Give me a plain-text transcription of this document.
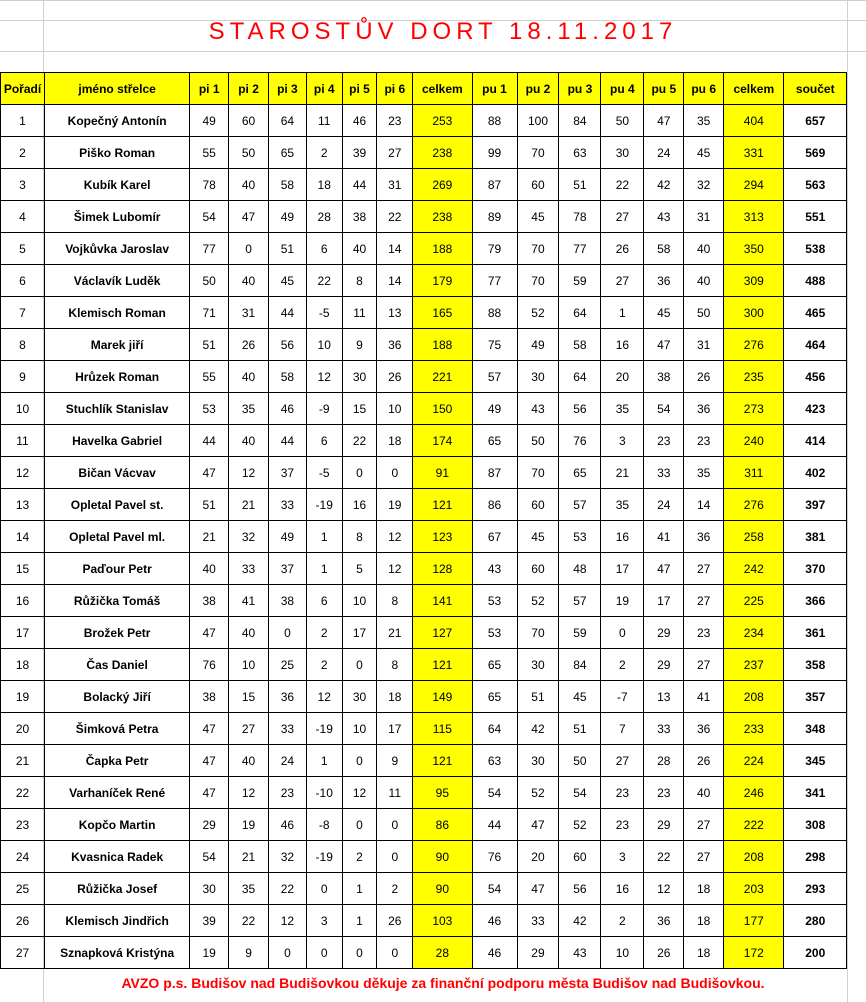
STAROSTŮV DORT 18.11.2017
Pořadí	jméno střelce	pi 1	pi 2	pi 3	pi 4	pi 5	pi 6	celkem	pu 1	pu 2	pu 3	pu 4	pu 5	pu 6	celkem	součet
1	Kopečný Antonín	49	60	64	11	46	23	253	88	100	84	50	47	35	404	657
2	Piško Roman	55	50	65	2	39	27	238	99	70	63	30	24	45	331	569
3	Kubík Karel	78	40	58	18	44	31	269	87	60	51	22	42	32	294	563
4	Šimek Lubomír	54	47	49	28	38	22	238	89	45	78	27	43	31	313	551
5	Vojkůvka Jaroslav	77	0	51	6	40	14	188	79	70	77	26	58	40	350	538
6	Václavík Luděk	50	40	45	22	8	14	179	77	70	59	27	36	40	309	488
7	Klemisch Roman	71	31	44	-5	11	13	165	88	52	64	1	45	50	300	465
8	Marek jiří	51	26	56	10	9	36	188	75	49	58	16	47	31	276	464
9	Hrůzek Roman	55	40	58	12	30	26	221	57	30	64	20	38	26	235	456
10	Stuchlík Stanislav	53	35	46	-9	15	10	150	49	43	56	35	54	36	273	423
11	Havelka Gabriel	44	40	44	6	22	18	174	65	50	76	3	23	23	240	414
12	Bičan Vácvav	47	12	37	-5	0	0	91	87	70	65	21	33	35	311	402
13	Opletal Pavel st.	51	21	33	-19	16	19	121	86	60	57	35	24	14	276	397
14	Opletal Pavel ml.	21	32	49	1	8	12	123	67	45	53	16	41	36	258	381
15	Paďour Petr	40	33	37	1	5	12	128	43	60	48	17	47	27	242	370
16	Růžička Tomáš	38	41	38	6	10	8	141	53	52	57	19	17	27	225	366
17	Brožek Petr	47	40	0	2	17	21	127	53	70	59	0	29	23	234	361
18	Čas Daniel	76	10	25	2	0	8	121	65	30	84	2	29	27	237	358
19	Bolacký Jiří	38	15	36	12	30	18	149	65	51	45	-7	13	41	208	357
20	Šimková Petra	47	27	33	-19	10	17	115	64	42	51	7	33	36	233	348
21	Čapka Petr	47	40	24	1	0	9	121	63	30	50	27	28	26	224	345
22	Varhaníček René	47	12	23	-10	12	11	95	54	52	54	23	23	40	246	341
23	Kopčo Martin	29	19	46	-8	0	0	86	44	47	52	23	29	27	222	308
24	Kvasnica Radek	54	21	32	-19	2	0	90	76	20	60	3	22	27	208	298
25	Růžička Josef	30	35	22	0	1	2	90	54	47	56	16	12	18	203	293
26	Klemisch Jindřich	39	22	12	3	1	26	103	46	33	42	2	36	18	177	280
27	Sznapková Kristýna	19	9	0	0	0	0	28	46	29	43	10	26	18	172	200
AVZO p.s. Budišov nad Budišovkou děkuje za finanční podporu města Budišov nad Budišovkou.
